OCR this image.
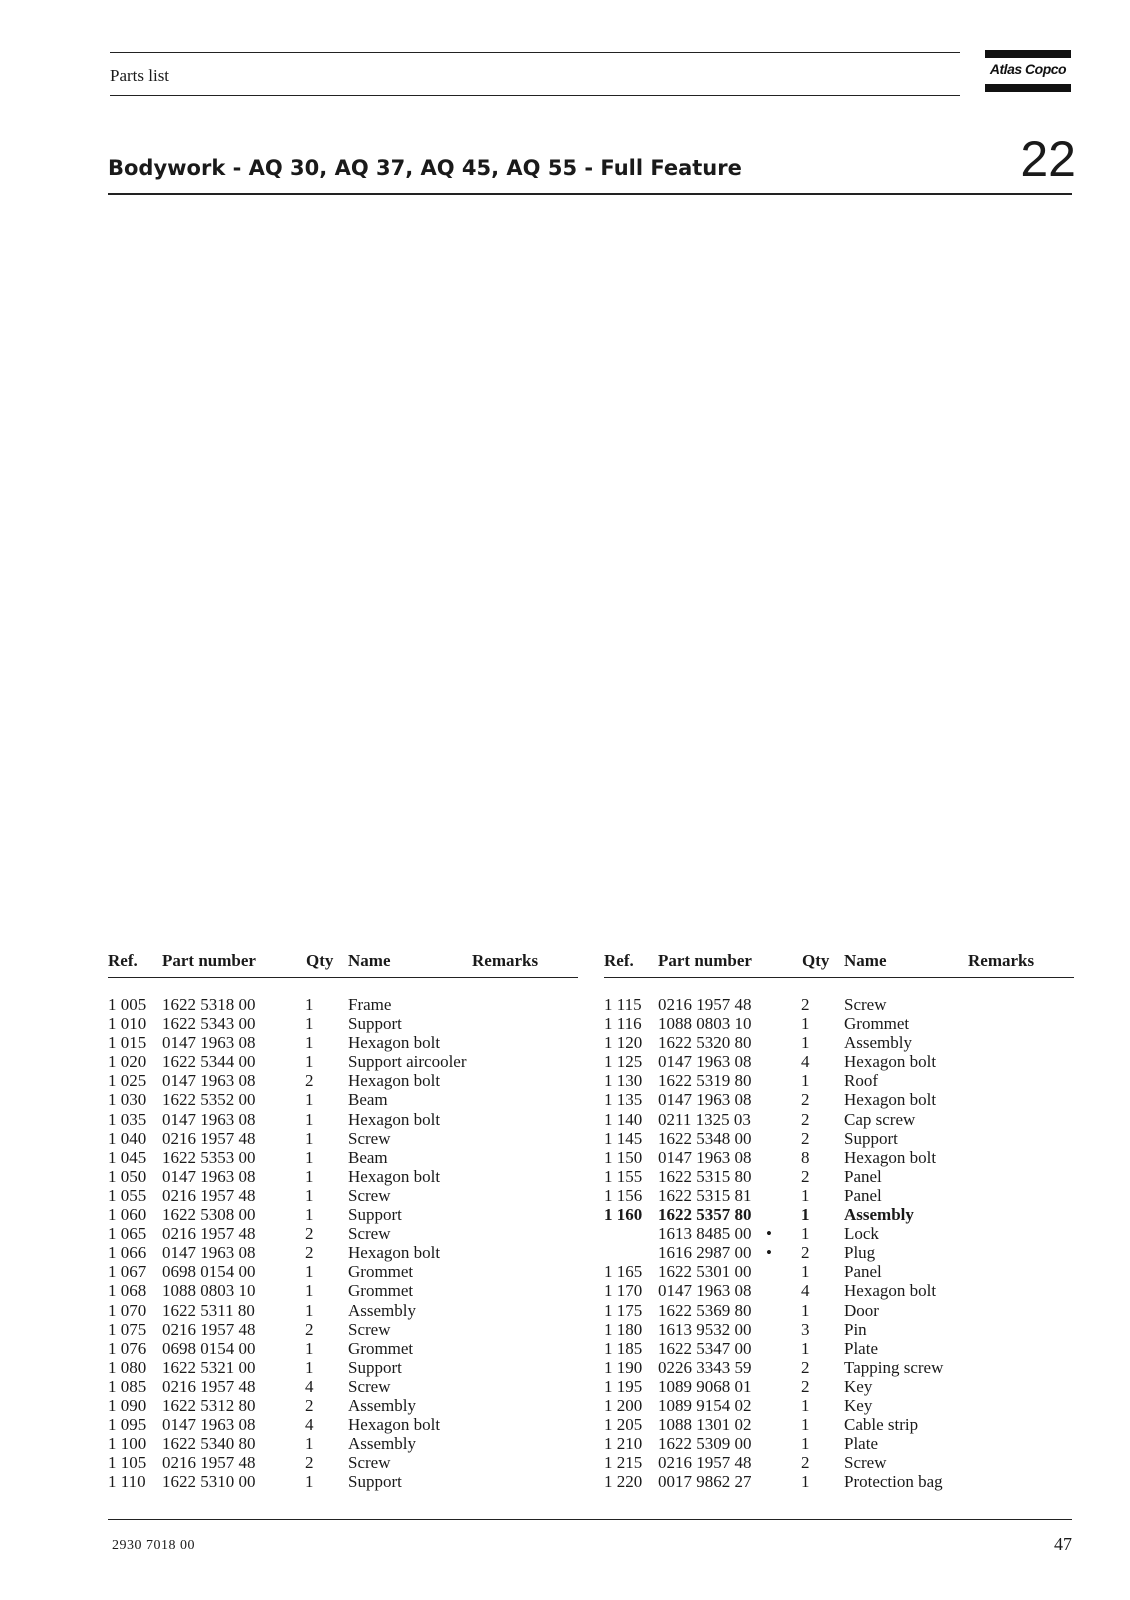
Parts list	Atlas Copco
Bodywork - AQ 30, AQ 37, AQ 45, AQ 55 - Full Feature	22
Ref. Part number	Qty Name	Remarks
1 005 1622 5318 00	1 Frame
1 010 1622 5343 00	1 Support
1 015 0147 1963 08	1 Hexagon bolt
1 020 1622 5344 00	1 Support aircooler
1 025 0147 1963 08	2 Hexagon bolt
1 030 1622 5352 00	1 Beam
1 035 0147 1963 08	1 Hexagon bolt
1 040 0216 1957 48	1 Screw
1 045 1622 5353 00	1 Beam
1 050 0147 1963 08	1 Hexagon bolt
1 055 0216 1957 48	1 Screw
1 060 1622 5308 00	1 Support
1 065 0216 1957 48	2 Screw
1 066 0147 1963 08	2 Hexagon bolt
1 067 0698 0154 00	1 Grommet
1 068 1088 0803 10	1 Grommet
1 070 1622 5311 80	1 Assembly
1 075 0216 1957 48	2 Screw
1 076 0698 0154 00	1 Grommet
1 080 1622 5321 00	1 Support
1 085 0216 1957 48	4 Screw
1 090 1622 5312 80	2 Assembly
1 095 0147 1963 08	4 Hexagon bolt
1 100 1622 5340 80	1 Assembly
1 105 0216 1957 48	2 Screw
1 110 1622 5310 00	1 Support
Ref. Part number	Qty Name	Remarks
1 115 0216 1957 48	2 Screw
1 116 1088 0803 10	1 Grommet
1 120 1622 5320 80	1 Assembly
1 125 0147 1963 08	4 Hexagon bolt
1 130 1622 5319 80	1 Roof
1 135 0147 1963 08	2 Hexagon bolt
1 140 0211 1325 03	2 Cap screw
1 145 1622 5348 00	2 Support
1 150 0147 1963 08	8 Hexagon bolt
1 155 1622 5315 80	2 Panel
1 156 1622 5315 81	1 Panel
1 160 1622 5357 80	1 Assembly
1613 8485 00 • 1 Lock
1616 2987 00 • 2 Plug
1 165 1622 5301 00	1 Panel
1 170 0147 1963 08	4 Hexagon bolt
1 175 1622 5369 80	1 Door
1 180 1613 9532 00	3 Pin
1 185 1622 5347 00	1 Plate
1 190 0226 3343 59	2 Tapping screw
1 195 1089 9068 01	2 Key
1 200 1089 9154 02	1 Key
1 205 1088 1301 02	1 Cable strip
1 210 1622 5309 00	1 Plate
1 215 0216 1957 48	2 Screw
1 220 0017 9862 27	1 Protection bag
2930 7018 00	47
